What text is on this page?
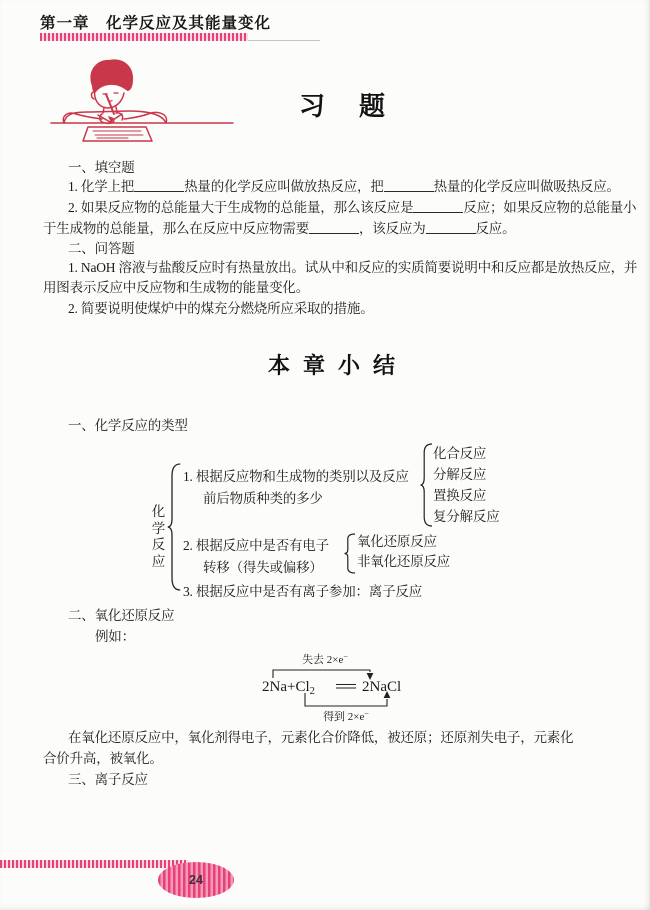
第一章　化学反应及其能量变化
习题
一、填空题
1. 化学上把	热量的化学反应叫做放热反应，把	热量的化学反应叫做吸热反应。
2. 如果反应物的总能量大于生成物的总能量，那么该反应是	反应；如果反应物的总能量小
于生成物的总能量，那么在反应中反应物需要	，该反应为	反应。
二、问答题
1. NaOH 溶液与盐酸反应时有热量放出。试从中和反应的实质简要说明中和反应都是放热反应，并
用图表示反应中反应物和生成物的能量变化。
2. 简要说明使煤炉中的煤充分燃烧所应采取的措施。
本章小结
一、化学反应的类型
化学反应
1. 根据反应物和生成物的类别以及反应
前后物质种类的多少
化合反应
分解反应
置换反应
复分解反应
2. 根据反应中是否有电子
转移（得失或偏移）
氧化还原反应
非氧化还原反应
3. 根据反应中是否有离子参加：离子反应
二、氧化还原反应
例如：
失去 2×e−
$2Na+Cl_2$	2NaCl
得到 2×e−
在氧化还原反应中，氧化剂得电子，元素化合价降低，被还原；还原剂失电子，元素化
合价升高，被氧化。
三、离子反应
24
